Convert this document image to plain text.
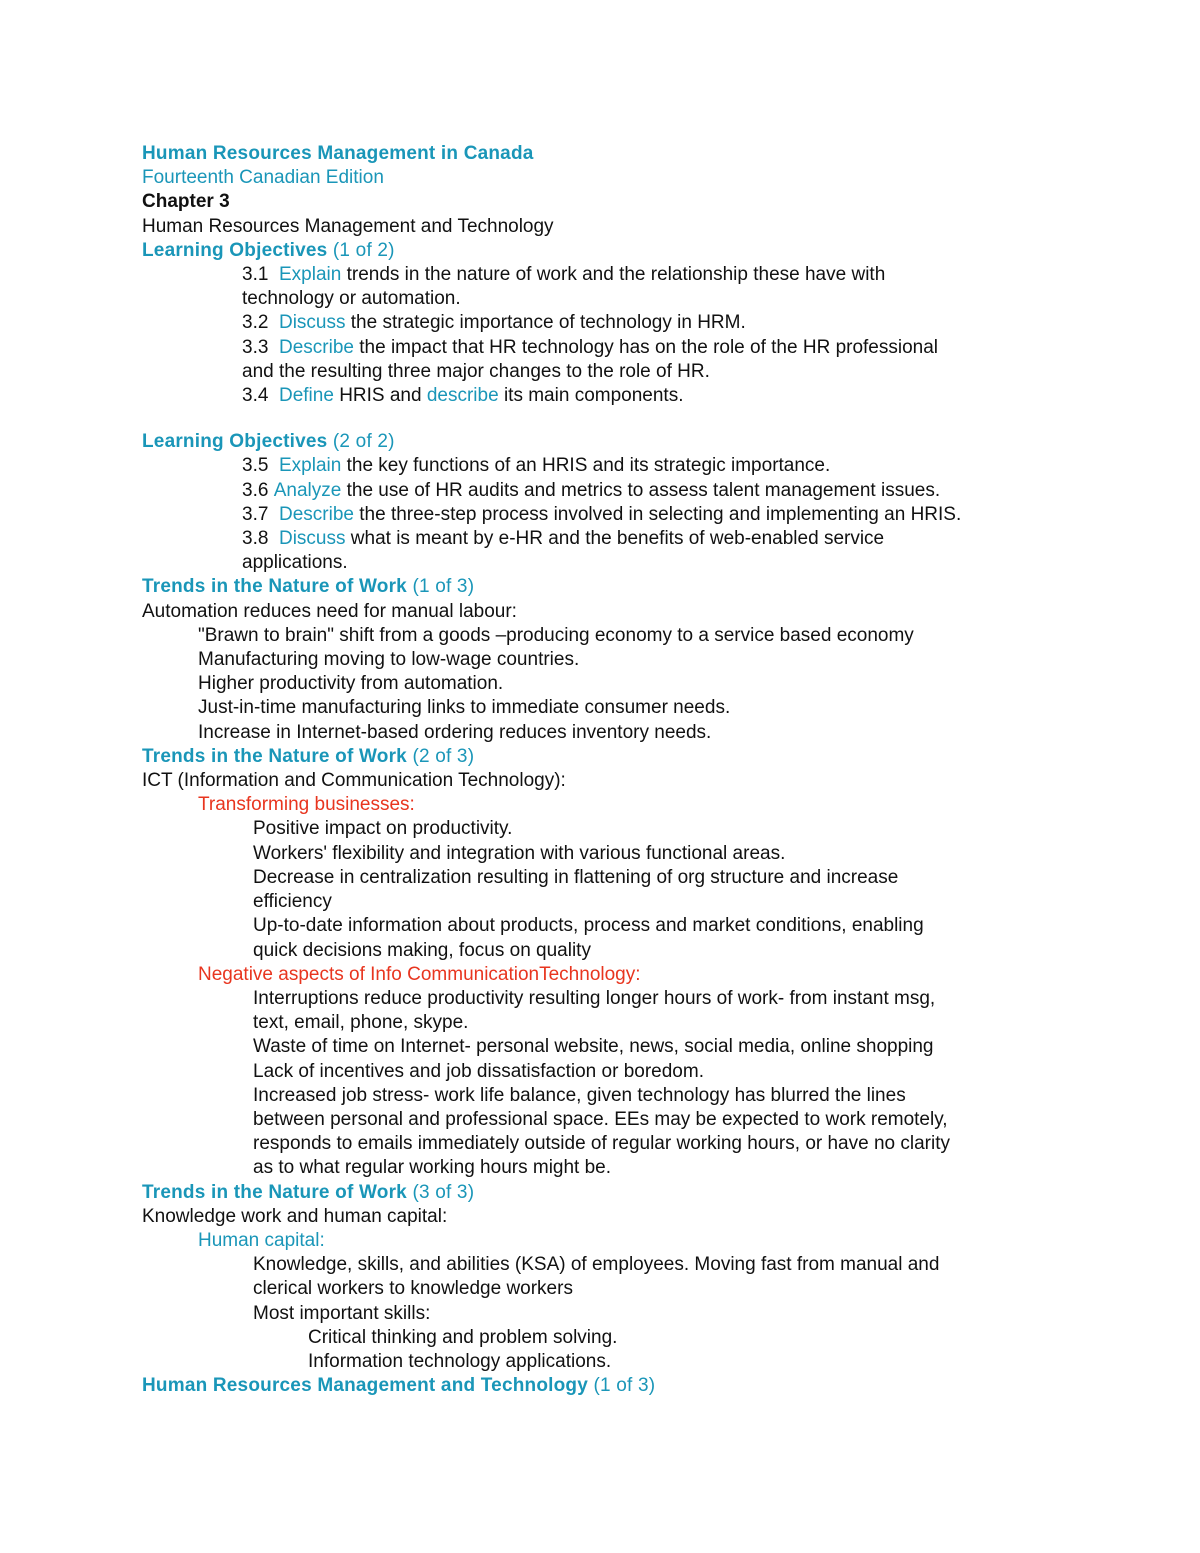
Human Resources Management in Canada

Fourteenth Canadian Edition

Chapter 3

Human Resources Management and Technology

Learning Objectives (1 of 2)

3.1 Explain trends in the nature of work and the relationship these have with

technology or automation.

3.2 Discuss the strategic importance of technology in HRM.

3.3 Describe the impact that HR technology has on the role of the HR professional

and the resulting three major changes to the role of HR.

3.4 Define HRIS and describe its main components.

Learning Objectives (2 of 2)

3.5 Explain the key functions of an HRIS and its strategic importance.

3.6 Analyze the use of HR audits and metrics to assess talent management issues.

3.7 Describe the three-step process involved in selecting and implementing an HRIS.

3.8 Discuss what is meant by e-HR and the benefits of web-enabled service

applications.

Trends in the Nature of Work (1 of 3)

Automation reduces need for manual labour:

"Brawn to brain" shift from a goods –producing economy to a service based economy

Manufacturing moving to low-wage countries.

Higher productivity from automation.

Just-in-time manufacturing links to immediate consumer needs.

Increase in Internet-based ordering reduces inventory needs.

Trends in the Nature of Work (2 of 3)

ICT (Information and Communication Technology):

Transforming businesses:

Positive impact on productivity.

Workers' flexibility and integration with various functional areas.

Decrease in centralization resulting in flattening of org structure and increase

efficiency

Up-to-date information about products, process and market conditions, enabling

quick decisions making, focus on quality

Negative aspects of Info CommunicationTechnology:

Interruptions reduce productivity resulting longer hours of work- from instant msg,

text, email, phone, skype.

Waste of time on Internet- personal website, news, social media, online shopping

Lack of incentives and job dissatisfaction or boredom.

Increased job stress- work life balance, given technology has blurred the lines

between personal and professional space. EEs may be expected to work remotely,

responds to emails immediately outside of regular working hours, or have no clarity

as to what regular working hours might be.

Trends in the Nature of Work (3 of 3)

Knowledge work and human capital:

Human capital:

Knowledge, skills, and abilities (KSA) of employees. Moving fast from manual and

clerical workers to knowledge workers

Most important skills:

Critical thinking and problem solving.

Information technology applications.

Human Resources Management and Technology (1 of 3)
